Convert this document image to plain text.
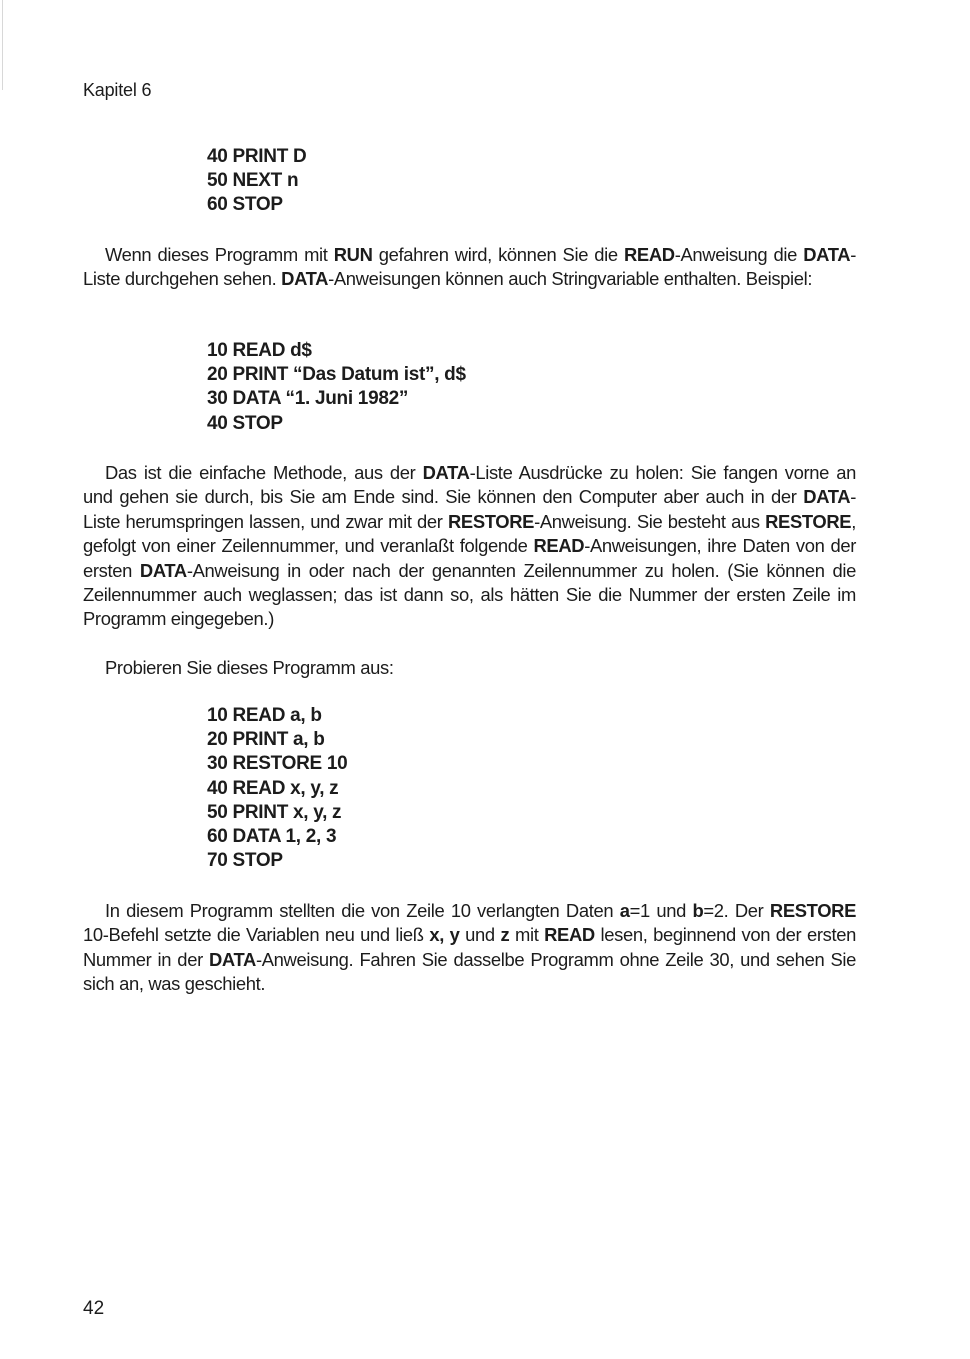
Kapitel 6
40 PRINT D
50 NEXT n
60 STOP

Wenn dieses Programm mit RUN gefahren wird, können Sie die READ-Anweisung die DATA-Liste durchgehen sehen. DATA-Anweisungen können auch Stringvariable enthalten. Beispiel:

10 READ d$
20 PRINT “Das Datum ist”, d$
30 DATA “1. Juni 1982”
40 STOP

Das ist die einfache Methode, aus der DATA-Liste Ausdrücke zu holen: Sie fangen vorne an und gehen sie durch, bis Sie am Ende sind. Sie können den Computer aber auch in der DATA-Liste herumspringen lassen, und zwar mit der RESTORE-Anweisung. Sie besteht aus RESTORE, gefolgt von einer Zeilennummer, und veranlaßt folgende READ-Anweisungen, ihre Daten von der ersten DATA-Anweisung in oder nach der genannten Zeilennummer zu holen. (Sie können die Zeilennummer auch weglassen; das ist dann so, als hätten Sie die Nummer der ersten Zeile im Programm eingegeben.)

Probieren Sie dieses Programm aus:

10 READ a, b
20 PRINT a, b
30 RESTORE 10
40 READ x, y, z
50 PRINT x, y, z
60 DATA 1, 2, 3
70 STOP

In diesem Programm stellten die von Zeile 10 verlangten Daten a=1 und b=2. Der RESTORE 10-Befehl setzte die Variablen neu und ließ x, y und z mit READ lesen, beginnend von der ersten Nummer in der DATA-Anweisung. Fahren Sie dasselbe Programm ohne Zeile 30, und sehen Sie sich an, was geschieht.

42
